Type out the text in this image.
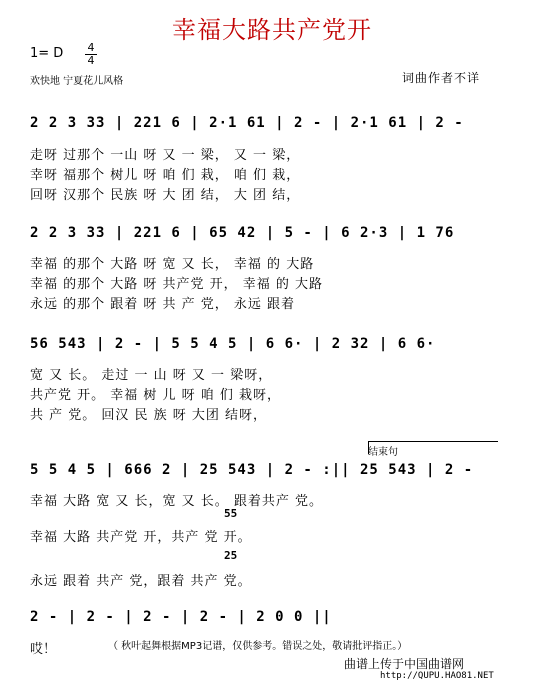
幸福大路共产党开
1= D 4
4
欢快地 宁夏花儿风格	词曲作者不详
2 2 3 33 | 221 6 | 2·1 61 | 2 - | 2·1 61 | 2 -
走呀 过那个 一山 呀 又 一 梁， 又 一 梁，
幸呀 福那个 树儿 呀 咱 们 栽， 咱 们 栽，
回呀 汉那个 民族 呀 大 团 结， 大 团 结，
2 2 3 33 | 221 6 | 65 42 | 5 - | 6 2·3 | 1 76
幸福 的那个 大路 呀 宽 又 长， 幸福 的 大路
幸福 的那个 大路 呀 共产党 开， 幸福 的 大路
永远 的那个 跟着 呀 共 产 党， 永远 跟着
56 543 | 2 - | 5 5 4 5 | 6 6· | 2 32 | 6 6·
宽 又 长。 走过 一 山 呀 又 一 梁呀，
共产党 开。 幸福 树 儿 呀 咱 们 栽呀，
共 产 党。 回汉 民 族 呀 大团 结呀，
结束句
5 5 4 5 | 666 2 | 25 543 | 2 - :|| 25 543 | 2 -
幸福 大路 宽 又 长，宽 又 长。 跟着共产 党。
55
幸福 大路 共产党 开，共产 党 开。
25
永远 跟着 共产 党，跟着 共产 党。
2 - | 2 - | 2 - | 2 - | 2 0 0 ||
哎！	（ 秋叶起舞根据MP3记谱，仅供参考。错误之处，敬请批评指正。）
曲谱上传于中国曲谱网
http://QUPU.HAO81.NET
